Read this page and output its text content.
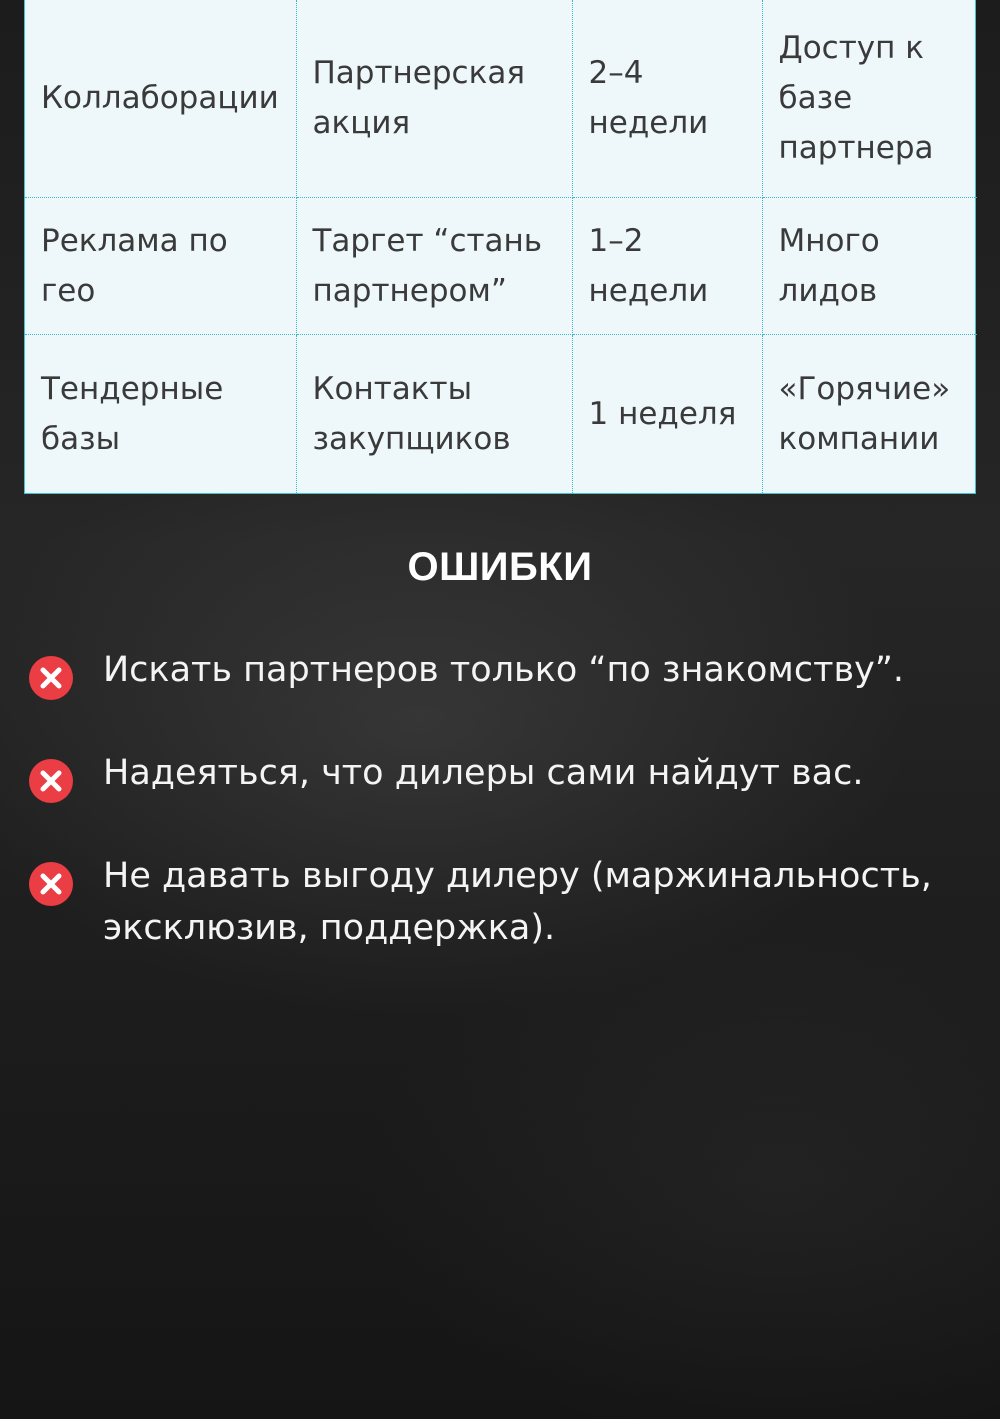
Коллаборации	Партнерская акция	2–4 недели	Доступ к базе партнера
Реклама по гео	Таргет “стань партнером”	1–2 недели	Много лидов
Тендерные базы	Контакты закупщиков	1 неделя	«Горячие» компании
ОШИБКИ
Искать партнеров только “по знакомству”.
Надеяться, что дилеры сами найдут вас.
Не давать выгоду дилеру (маржинальность, эксклюзив, поддержка).
